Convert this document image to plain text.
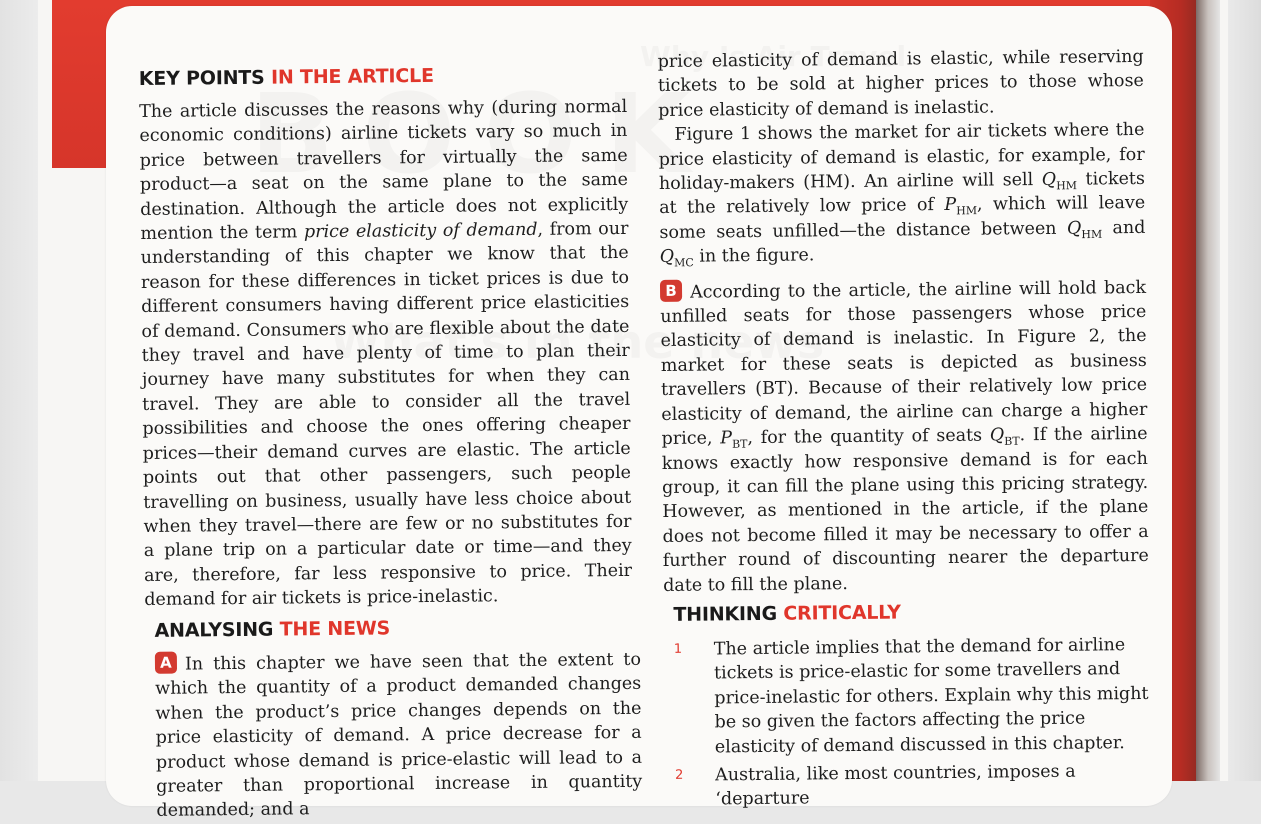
KEY POINTS IN THE ARTICLE

The article discusses the reasons why (during normal economic conditions) airline tickets vary so much in price between travellers for virtually the same product—a seat on the same plane to the same destination. Although the article does not explicitly mention the term price elasticity of demand, from our understanding of this chapter we know that the reason for these differences in ticket prices is due to different consumers having different price elasticities of demand. Consumers who are flexible about the date they travel and have plenty of time to plan their journey have many substitutes for when they can travel. They are able to consider all the travel possibilities and choose the ones offering cheaper prices—their demand curves are elastic. The article points out that other passengers, such people travelling on business, usually have less choice about when they travel—there are few or no substitutes for a plane trip on a particular date or time—and they are, therefore, far less responsive to price. Their demand for air tickets is price-inelastic.

ANALYSING THE NEWS

A In this chapter we have seen that the extent to which the quantity of a product demanded changes when the product’s price changes depends on the price elasticity of demand. A price decrease for a product whose demand is price-elastic will lead to a greater than proportional increase in quantity demanded; and a

price elasticity of demand is elastic, while reserving tickets to be sold at higher prices to those whose price elasticity of demand is inelastic.

Figure 1 shows the market for air tickets where the price elasticity of demand is elastic, for example, for holiday-makers (HM). An airline will sell $Q_{HM}$ tickets at the relatively low price of $P_{HM}$, which will leave some seats unfilled—the distance between $Q_{HM}$ and $Q_{MC}$ in the figure.

B According to the article, the airline will hold back unfilled seats for those passengers whose price elasticity of demand is inelastic. In Figure 2, the market for these seats is depicted as business travellers (BT). Because of their relatively low price elasticity of demand, the airline can charge a higher price, $P_{BT}$, for the quantity of seats $Q_{BT}$. If the airline knows exactly how responsive demand is for each group, it can fill the plane using this pricing strategy. However, as mentioned in the article, if the plane does not become filled it may be necessary to offer a further round of discounting nearer the departure date to fill the plane.

THINKING CRITICALLY
1 The article implies that the demand for airline tickets is price-elastic for some travellers and price-inelastic for others. Explain why this might be so given the factors affecting the price elasticity of demand discussed in this chapter.

2 Australia, like most countries, imposes a ‘departure
